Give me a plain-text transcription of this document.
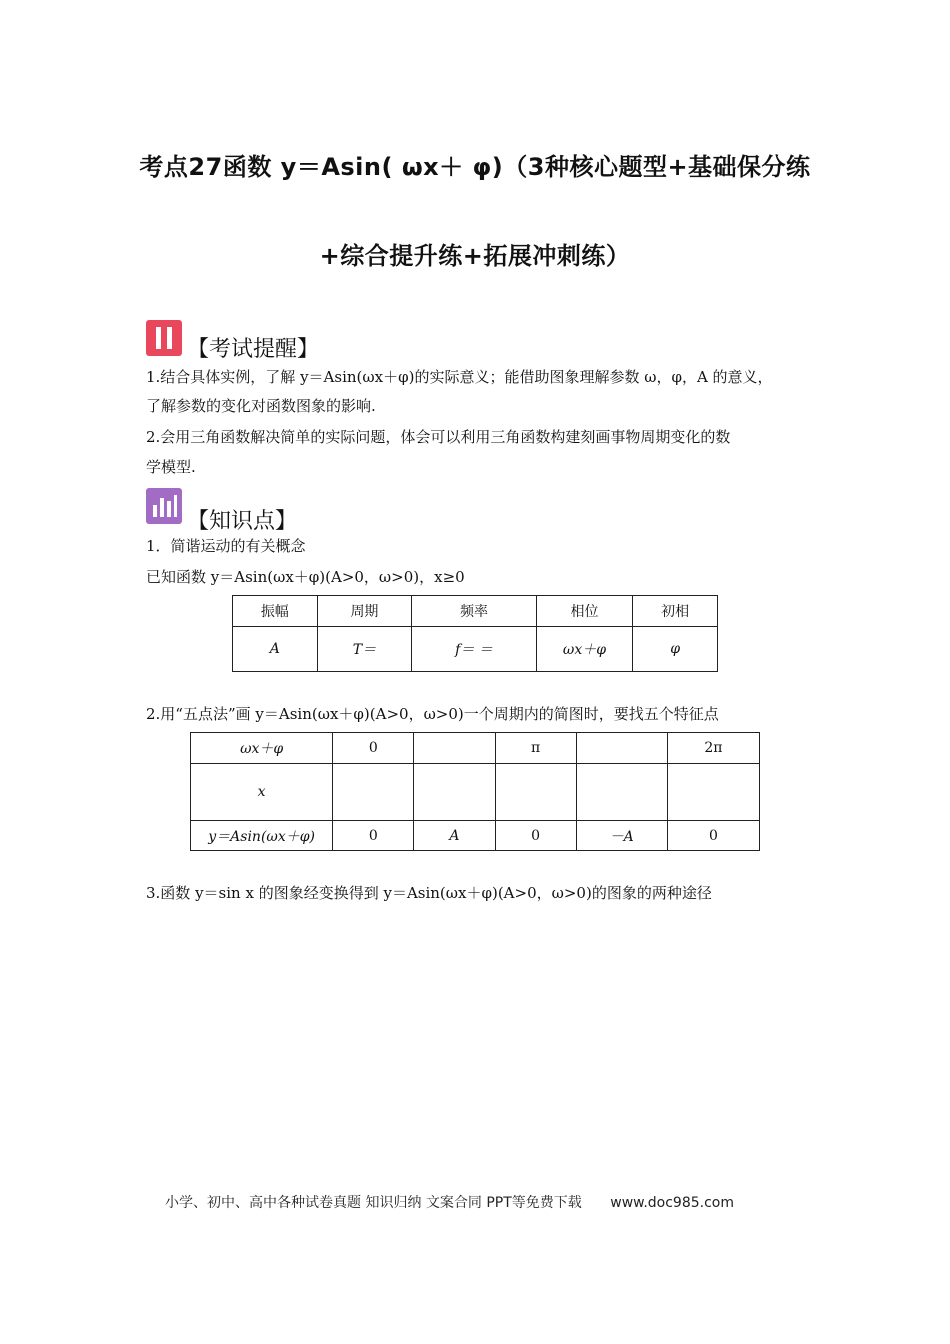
考点27函数 y＝Asin( ωx＋ φ)（3种核心题型+基础保分练
+综合提升练+拓展冲刺练）
【考试提醒】
1.结合具体实例，了解 y＝Asin(ωx＋φ)的实际意义；能借助图象理解参数 ω，φ，A 的意义，
了解参数的变化对函数图象的影响.
2.会用三角函数解决简单的实际问题，体会可以利用三角函数构建刻画事物周期变化的数
学模型.
【知识点】
1．简谐运动的有关概念
已知函数 y＝Asin(ωx＋φ)(A>0，ω>0)，x≥0
振幅	周期	频率	相位	初相
A	T＝	f＝ ＝	ωx＋φ	φ
2.用“五点法”画 y＝Asin(ωx＋φ)(A>0，ω>0)一个周期内的简图时，要找五个特征点
ωx＋φ	0		π		2π
x					
y＝Asin(ωx＋φ)	0	A	0	－A	0
3.函数 y＝sin x 的图象经变换得到 y＝Asin(ωx＋φ)(A>0，ω>0)的图象的两种途径
小学、初中、高中各种试卷真题 知识归纳 文案合同 PPT等免费下载 www.doc985.com
